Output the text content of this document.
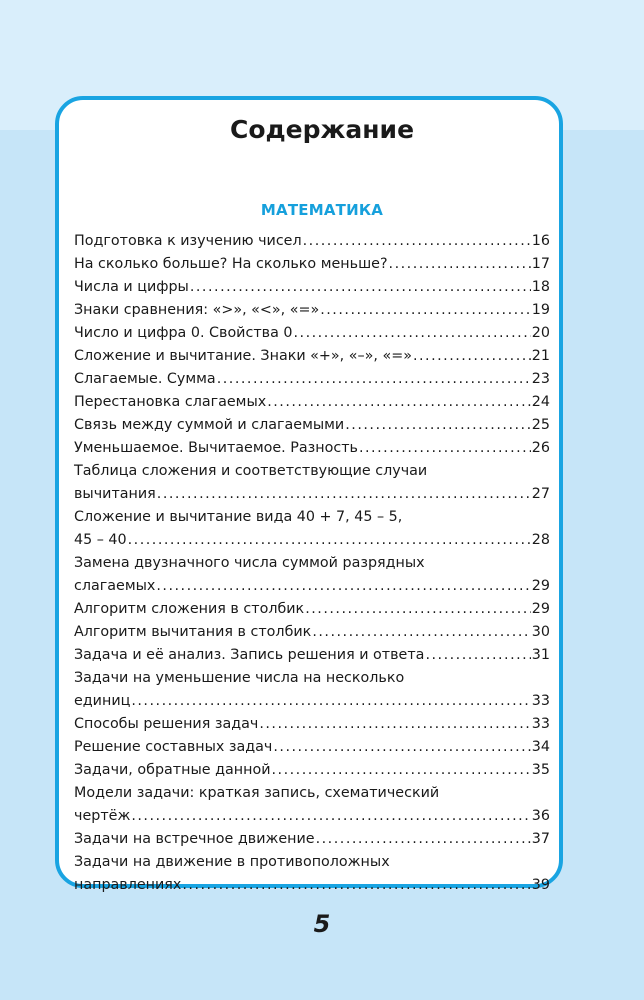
Содержание
МАТЕМАТИКА
Подготовка к изучению чисел .....	16
На сколько больше? На сколько меньше? .....	17
Числа и цифры .....	18
Знаки сравнения: «>», «<», «=» .....	19
Число и цифра 0. Свойства 0 .....	20
Сложение и вычитание. Знаки «+», «–», «=» .....	21
Слагаемые. Сумма .....	23
Перестановка слагаемых .....	24
Связь между суммой и слагаемыми .....	25
Уменьшаемое. Вычитаемое. Разность .....	26
Таблица сложения и соответствующие случаи
вычитания .....	27
Сложение и вычитание вида 40 + 7, 45 – 5,
45 – 40 .....	28
Замена двузначного числа суммой разрядных
слагаемых .....	29
Алгоритм сложения в столбик .....	29
Алгоритм вычитания в столбик .....	30
Задача и её анализ. Запись решения и ответа .....	31
Задачи на уменьшение числа на несколько
единиц .....	33
Способы решения задач .....	33
Решение составных задач .....	34
Задачи, обратные данной .....	35
Модели задачи: краткая запись, схематический
чертёж .....	36
Задачи на встречное движение .....	37
Задачи на движение в противоположных
направлениях .....	39
5
